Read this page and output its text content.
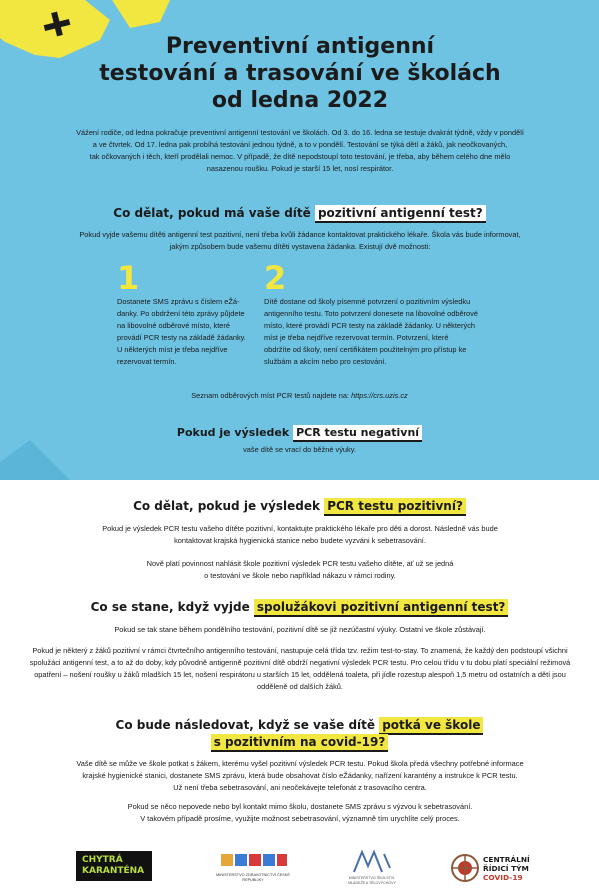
Preventivní antigenní
testování a trasování ve školách
od ledna 2022
Vážení rodiče, od ledna pokračuje preventivní antigenní testování ve školách. Od 3. do 16. ledna se testuje dvakrát týdně, vždy v pondělí
a ve čtvrtek. Od 17. ledna pak probíhá testování jednou týdně, a to v pondělí. Testování se týká dětí a žáků, jak neočkovaných,
tak očkovaných i těch, kteří prodělali nemoc. V případě, že dítě nepodstoupí toto testování, je třeba, aby během celého dne mělo
nasazenou roušku. Pokud je starší 15 let, nosí respirátor.
Co dělat, pokud má vaše dítě pozitivní antigenní test?
Pokud vyjde vašemu dítěti antigenní test pozitivní, není třeba kvůli žádance kontaktovat praktického lékaře. Škola vás bude informovat,
jakým způsobem bude vašemu dítěti vystavena žádanka. Existují dvě možnosti:
1
Dostanete SMS zprávu s číslem eŽá-
danky. Po obdržení této zprávy půjdete
na libovolné odběrové místo, které
provádí PCR testy na základě žádanky.
U některých míst je třeba nejdříve
rezervovat termín.
2
Dítě dostane od školy písemné potvrzení o pozitivním výsledku
antigenního testu. Toto potvrzení donesete na libovolné odběrové
místo, které provádí PCR testy na základě žádanky. U některých
míst je třeba nejdříve rezervovat termín. Potvrzení, které
obdržíte od školy, není certifikátem použitelným pro přístup ke
službám a akcím nebo pro cestování.
Seznam odběrových míst PCR testů najdete na: https://crs.uzis.cz
Pokud je výsledek PCR testu negativní
vaše dítě se vrací do běžné výuky.
Co dělat, pokud je výsledek PCR testu pozitivní?
Pokud je výsledek PCR testu vašeho dítěte pozitivní, kontaktujte praktického lékaře pro děti a dorost. Následně vás bude
kontaktovat krajská hygienická stanice nebo budete vyzváni k sebetrasování.
Nově platí povinnost nahlásit škole pozitivní výsledek PCR testu vašeho dítěte, ať už se jedná
o testování ve škole nebo například nákazu v rámci rodiny.
Co se stane, když vyjde spolužákovi pozitivní antigenní test?
Pokud se tak stane během pondělního testování, pozitivní dítě se již nezúčastní výuky. Ostatní ve škole zůstávají.
Pokud je některý z žáků pozitivní v rámci čtvrtečního antigenního testování, nastupuje celá třída tzv. režim test-to-stay. To znamená, že každý den podstoupí všichni
spolužáci antigenní test, a to až do doby, kdy původně antigenně pozitivní dítě obdrží negativní výsledek PCR testu. Pro celou třídu v tu dobu platí speciální režimová
opatření – nošení roušky u žáků mladších 15 let, nošení respirátoru u starších 15 let, oddělená toaleta, při jídle rozestup alespoň 1,5 metru od ostatních a dětí jsou
odděleně od dalších žáků.
Co bude následovat, když se vaše dítě potká ve škole
s pozitivním na covid-19?
Vaše dítě se může ve škole potkat s žákem, kterému vyšel pozitivní výsledek PCR testu. Pokud škola předá všechny potřebné informace
krajské hygienické stanici, dostanete SMS zprávu, která bude obsahovat číslo eŽádanky, nařízení karantény a instrukce k PCR testu.
Už není třeba sebetrasování, ani neočekávejte telefonát z trasovacího centra.
Pokud se něco nepovede nebo byl kontakt mimo školu, dostanete SMS zprávu s výzvou k sebetrasování.
V takovém případě prosíme, využijte možnost sebetrasování, významně tím urychlíte celý proces.
CHYTRÁ
KARANTÉNA	MINISTERSTVO ZDRAVOTNICTVÍ ČESKÉ REPUBLIKY	MINISTERSTVO ŠKOLSTVÍ, MLÁDEŽE A TĚLOVÝCHOVY
CENTRÁLNÍ
ŘÍDICÍ TÝM
COVID-19
